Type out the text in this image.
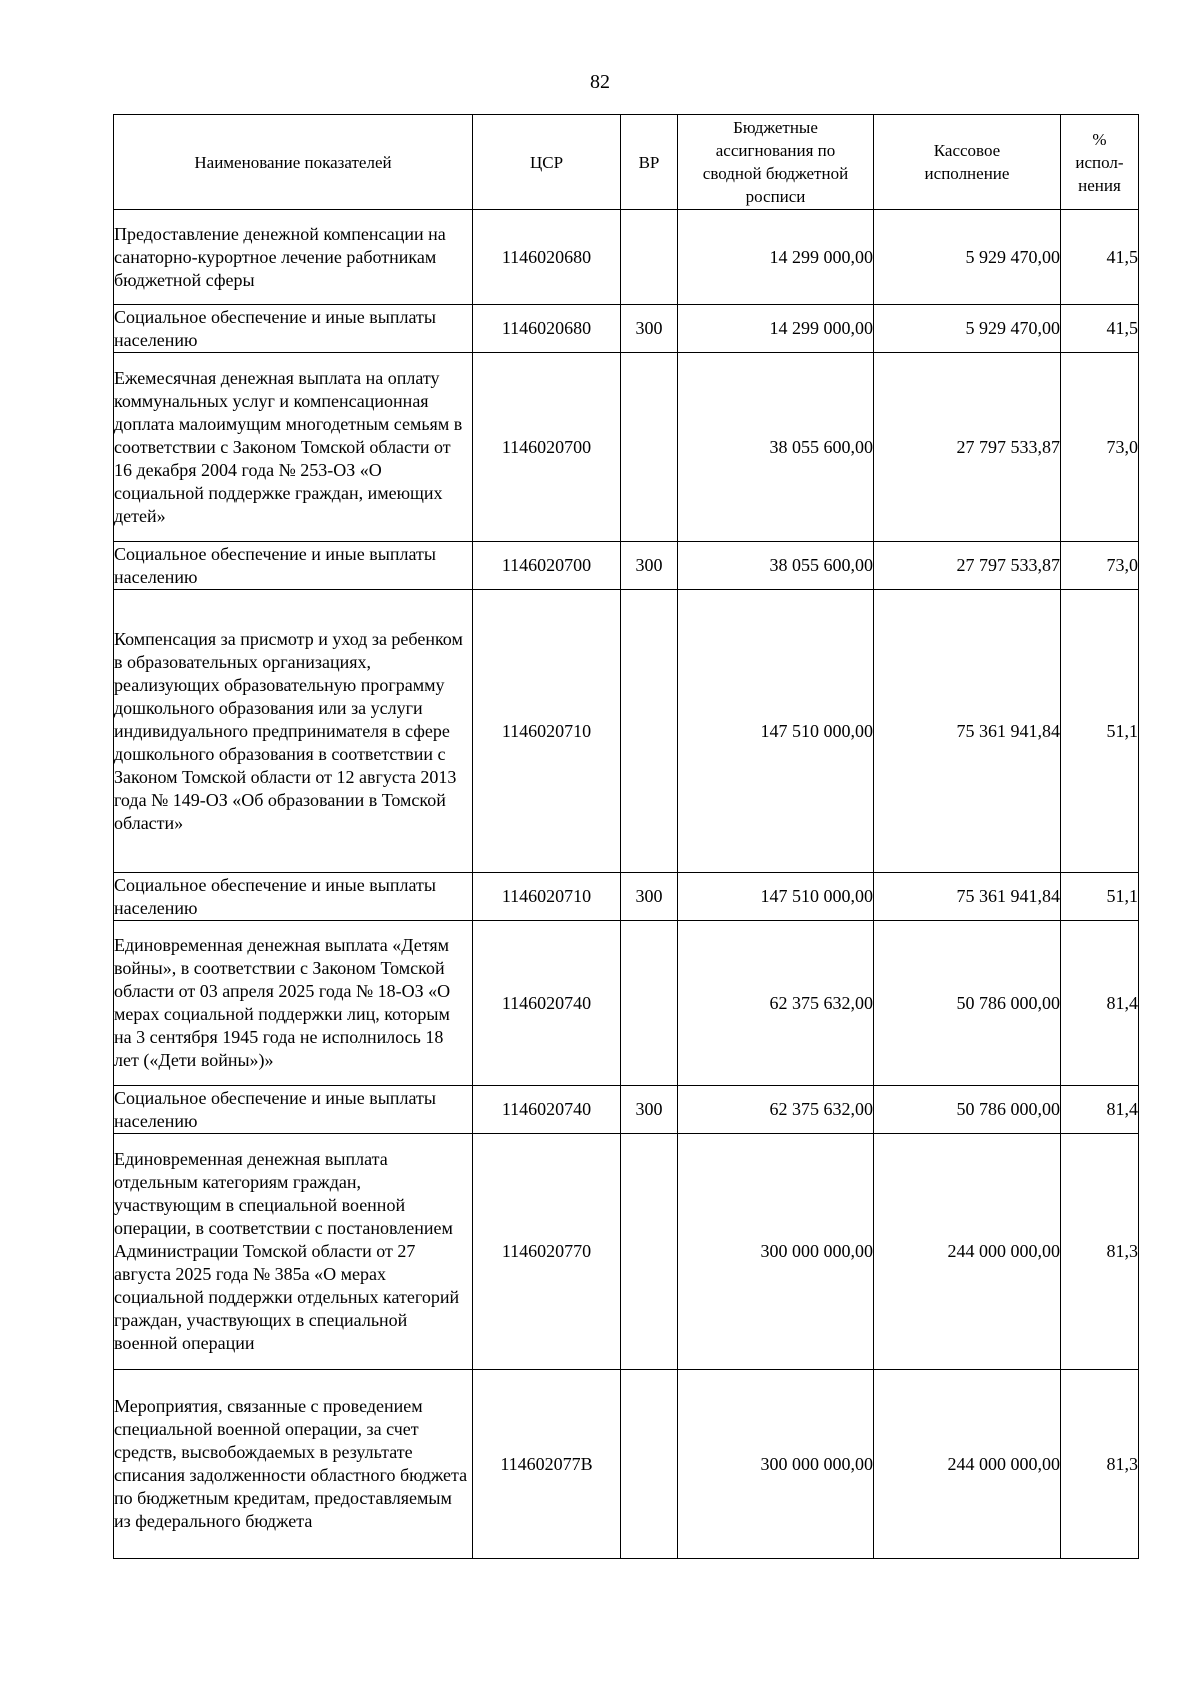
82
Наименование показателей	ЦСР	ВР	Бюджетные ассигнования по сводной бюджетной росписи	Кассовое исполнение	% испол-нения
Предоставление денежной компенсации на санаторно-курортное лечение работникам бюджетной сферы	1146020680		14 299 000,00	5 929 470,00	41,5
Социальное обеспечение и иные выплаты населению	1146020680	300	14 299 000,00	5 929 470,00	41,5
Ежемесячная денежная выплата на оплату коммунальных услуг и компенсационная доплата малоимущим многодетным семьям в соответствии с Законом Томской области от 16 декабря 2004 года № 253-ОЗ «О социальной поддержке граждан, имеющих детей»	1146020700		38 055 600,00	27 797 533,87	73,0
Социальное обеспечение и иные выплаты населению	1146020700	300	38 055 600,00	27 797 533,87	73,0
Компенсация за присмотр и уход за ребенком в образовательных организациях, реализующих образовательную программу дошкольного образования или за услуги индивидуального предпринимателя в сфере дошкольного образования в соответствии с Законом Томской области от 12 августа 2013 года № 149-ОЗ «Об образовании в Томской области»	1146020710		147 510 000,00	75 361 941,84	51,1
Социальное обеспечение и иные выплаты населению	1146020710	300	147 510 000,00	75 361 941,84	51,1
Единовременная денежная выплата «Детям войны», в соответствии с Законом Томской области от 03 апреля 2025 года № 18-ОЗ «О мерах социальной поддержки лиц, которым на 3 сентября 1945 года не исполнилось 18 лет («Дети войны»)»	1146020740		62 375 632,00	50 786 000,00	81,4
Социальное обеспечение и иные выплаты населению	1146020740	300	62 375 632,00	50 786 000,00	81,4
Единовременная денежная выплата отдельным категориям граждан, участвующим в специальной военной операции, в соответствии с постановлением Администрации Томской области от 27 августа 2025 года № 385а «О мерах социальной поддержки отдельных категорий граждан, участвующих в специальной военной операции	1146020770		300 000 000,00	244 000 000,00	81,3
Мероприятия, связанные с проведением специальной военной операции, за счет средств, высвобождаемых в результате списания задолженности областного бюджета по бюджетным кредитам, предоставляемым из федерального бюджета	114602077В		300 000 000,00	244 000 000,00	81,3
